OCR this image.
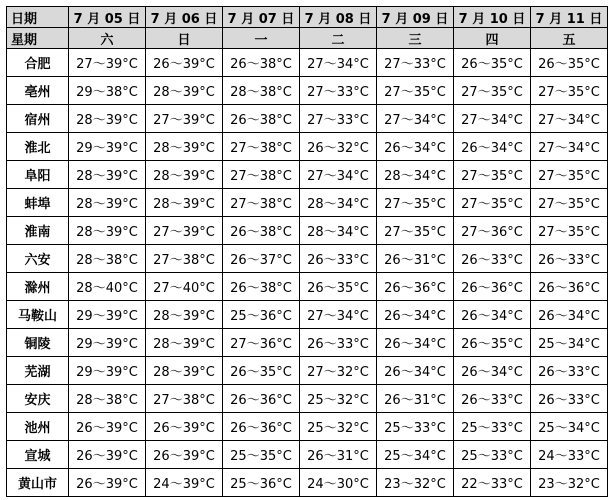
日期	7 月 05 日	7 月 06 日	7 月 07 日	7 月 08 日	7 月 09 日	7 月 10 日	7 月 11 日
星期	六	日	一	二	三	四	五
合肥	27～39°C	26～39°C	26～38°C	27～34°C	27～33°C	26～35°C	26～35°C
亳州	29～38°C	28～39°C	28～38°C	27～33°C	27～35°C	27～35°C	27～35°C
宿州	28～39°C	27～39°C	26～38°C	27～33°C	27～34°C	27～34°C	27～34°C
淮北	29～39°C	28～39°C	27～38°C	26～32°C	26～34°C	26～34°C	27～34°C
阜阳	28～39°C	28～39°C	27～38°C	27～34°C	28～34°C	27～35°C	27～35°C
蚌埠	28～39°C	28～39°C	27～38°C	28～34°C	27～35°C	27～35°C	27～35°C
淮南	28～39°C	27～39°C	26～38°C	28～34°C	27～35°C	27～36°C	27～35°C
六安	28～38°C	27～38°C	26～37°C	26～33°C	26～31°C	26～33°C	26～33°C
滁州	28～40°C	27～40°C	26～38°C	26～35°C	26～36°C	26～36°C	26～36°C
马鞍山	29～39°C	28～39°C	25～36°C	27～34°C	26～34°C	26～34°C	26～34°C
铜陵	29～39°C	28～39°C	27～36°C	26～33°C	26～34°C	26～35°C	25～34°C
芜湖	29～39°C	28～39°C	26～35°C	27～32°C	26～34°C	26～34°C	26～33°C
安庆	28～38°C	27～38°C	26～36°C	25～32°C	26～31°C	26～33°C	26～33°C
池州	26～39°C	26～39°C	26～36°C	25～32°C	25～33°C	25～33°C	25～34°C
宣城	26～39°C	26～39°C	25～35°C	26～31°C	25～34°C	25～33°C	24～33°C
黄山市	26～39°C	24～39°C	25～36°C	24～30°C	23～32°C	22～33°C	23～32°C
